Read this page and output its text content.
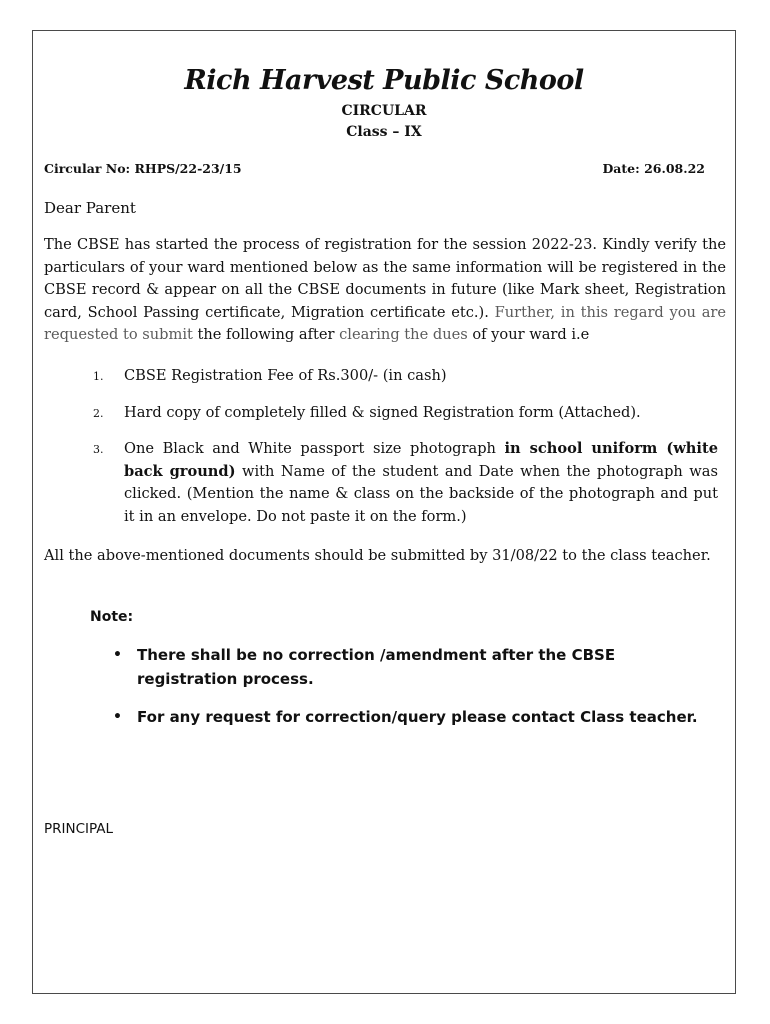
Rich Harvest Public School
CIRCULAR
Class – IX
Circular No: RHPS/22-23/15	Date: 26.08.22
Dear Parent
The CBSE has started the process of registration for the session 2022-23. Kindly verify the particulars of your ward mentioned below as the same information will be registered in the CBSE record & appear on all the CBSE documents in future (like Mark sheet, Registration card, School Passing certificate, Migration certificate etc.). Further, in this regard you are requested to submit the following after clearing the dues of your ward i.e
1. CBSE Registration Fee of Rs.300/- (in cash)
2. Hard copy of completely filled & signed Registration form (Attached).
3. One Black and White passport size photograph in school uniform (white back ground) with Name of the student and Date when the photograph was clicked. (Mention the name & class on the backside of the photograph and put it in an envelope. Do not paste it on the form.)
All the above-mentioned documents should be submitted by 31/08/22 to the class teacher.
Note:
• There shall be no correction /amendment after the CBSE registration process.
• For any request for correction/query please contact Class teacher.
PRINCIPAL
